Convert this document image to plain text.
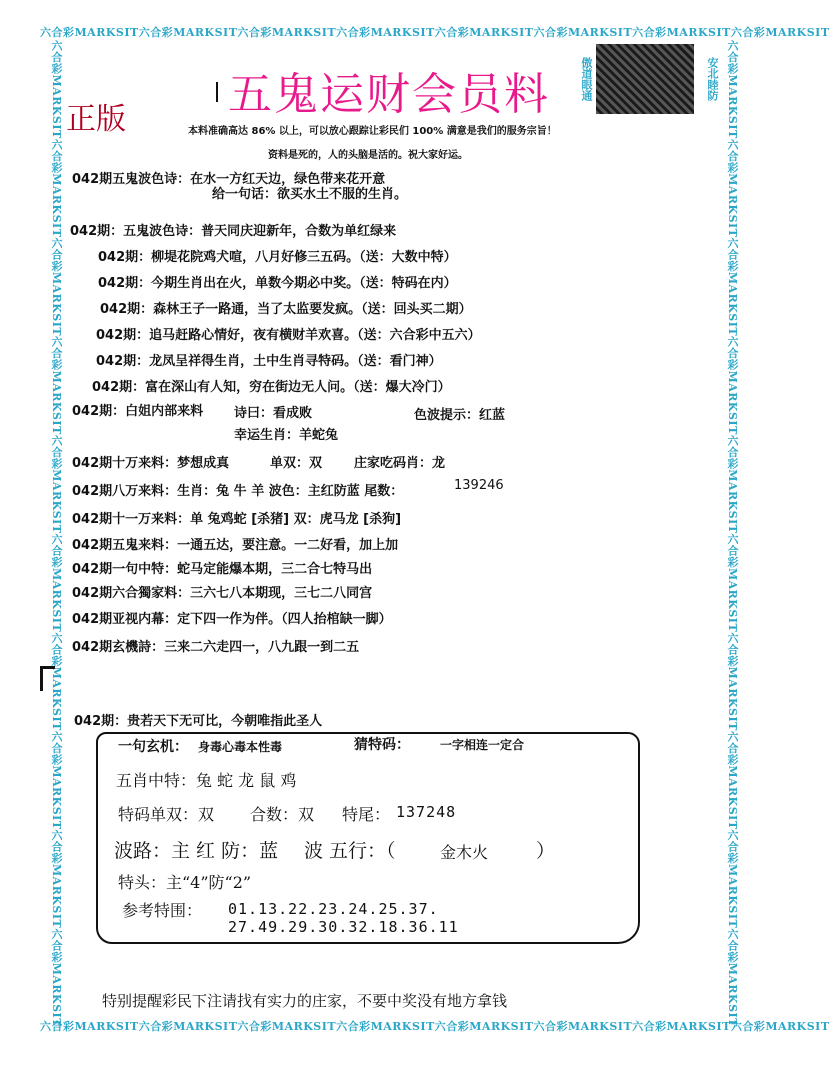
六合彩MARKSIT六合彩MARKSIT六合彩MARKSIT六合彩MARKSIT六合彩MARKSIT六合彩MARKSIT六合彩MARKSIT六合彩MARKSIT
六合彩MARKSIT六合彩MARKSIT六合彩MARKSIT六合彩MARKSIT六合彩MARKSIT六合彩MARKSIT六合彩MARKSIT六合彩MARKSIT
六合彩MARKSIT六合彩MARKSIT六合彩MARKSIT六合彩MARKSIT六合彩MARKSIT六合彩MARKSIT六合彩MARKSIT六合彩MARKSIT六合彩MARKSIT六合彩MARKSIT	六合彩MARKSIT六合彩MARKSIT六合彩MARKSIT六合彩MARKSIT六合彩MARKSIT六合彩MARKSIT六合彩MARKSIT六合彩MARKSIT六合彩MARKSIT六合彩MARKSIT
五鬼运财会员料
正版
傲道眼通	安北睦防
本料准确高达 86% 以上，可以放心跟踪让彩民们 100% 满意是我们的服务宗旨！
资料是死的，人的头脑是活的。祝大家好运。
042期五鬼波色诗：在水一方红天边，绿色带来花开意
给一句话：欲买水土不服的生肖。
042期：五鬼波色诗：普天同庆迎新年，合数为单红绿来
042期：柳堤花院鸡犬喧，八月好修三五码。（送：大数中特）
042期：今期生肖出在火，单数今期必中奖。（送：特码在内）
042期：森林王子一路通，当了太监要发疯。（送：回头买二期）
042期：追马赶路心情好，夜有横财羊欢喜。（送：六合彩中五六）
042期：龙凤呈祥得生肖，土中生肖寻特码。（送：看门神）
042期：富在深山有人知，穷在街边无人问。（送：爆大冷门）
042期：白姐内部来料 诗曰：看成败	色波提示：红蓝
幸运生肖：羊蛇兔
042期十万来料：梦想成真	单双：双 庄家吃码肖：龙
042期八万来料：生肖：兔 牛 羊 波色：主红防蓝 尾数：	139246
042期十一万来料：单 兔鸡蛇 [杀猪] 双：虎马龙 [杀狗]
042期五鬼来料：一通五达，要注意。一二好看，加上加
042期一句中特：蛇马定能爆本期，三二合七特马出
042期六合獨家料：三六七八本期现，三七二八同宫
042期亚视内幕：定下四一作为伴。（四人抬棺缺一脚）
042期玄機詩：三来二六走四一，八九跟一到二五
042期：贵若天下无可比，今朝唯指此圣人
一句玄机： 身毒心毒本性毒	猜特码：	一字相连一定合
五肖中特：兔 蛇 龙 鼠 鸡
特码单双：双 合数：双 特尾： 137248
波路：主 红 防：蓝 波 五行：（	金木火	）
特头：主“4”防“2”
参考特围： 01.13.22.23.24.25.37.
27.49.29.30.32.18.36.11
特别提醒彩民下注请找有实力的庄家，不要中奖没有地方拿钱
